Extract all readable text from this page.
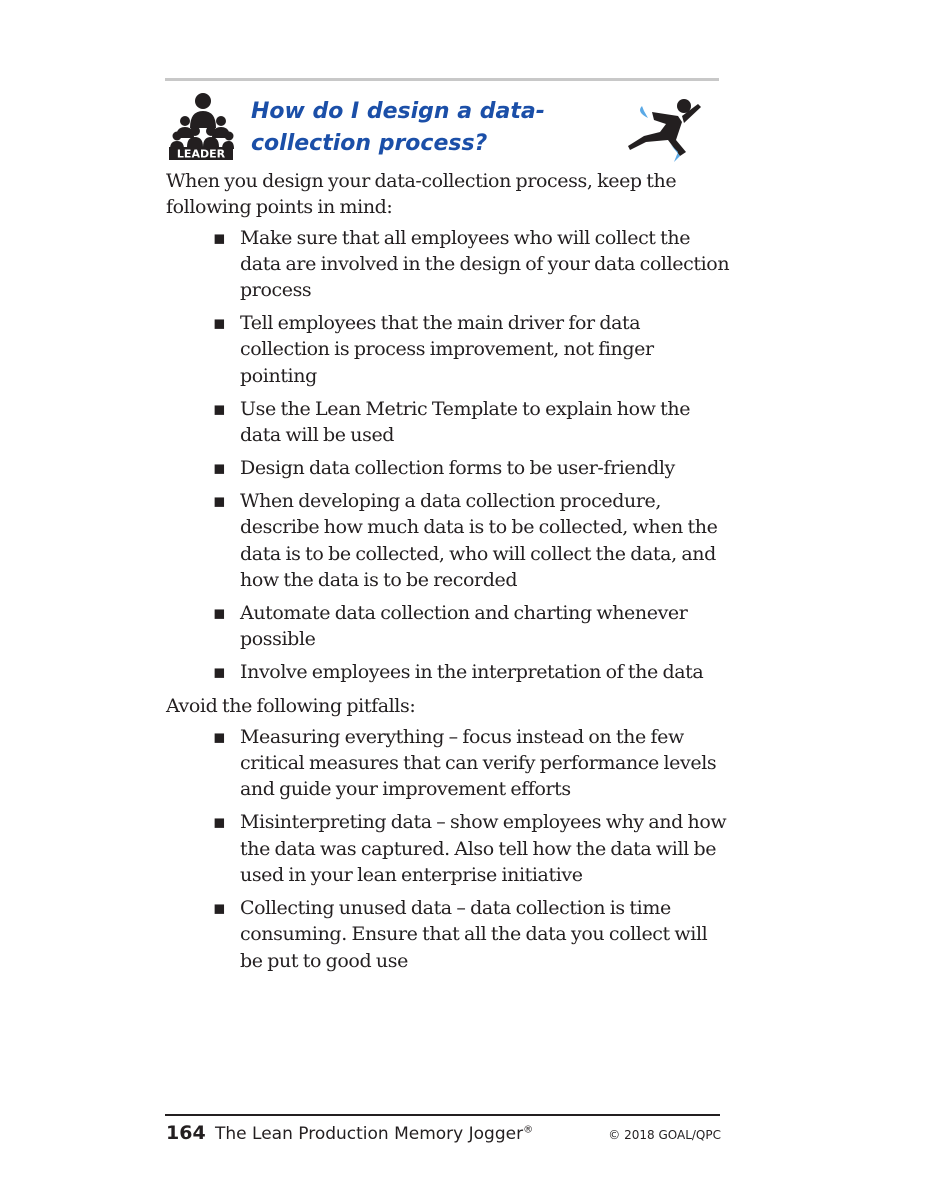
LEADER
How do I design a data-collection process?

When you design your data-collection process, keep the following points in mind:

▪ Make sure that all employees who will collect the data are involved in the design of your data collection process
▪ Tell employees that the main driver for data collection is process improvement, not finger pointing
▪ Use the Lean Metric Template to explain how the data will be used
▪ Design data collection forms to be user-friendly
▪ When developing a data collection procedure, describe how much data is to be collected, when the data is to be collected, who will collect the data, and how the data is to be recorded
▪ Automate data collection and charting whenever possible
▪ Involve employees in the interpretation of the data

Avoid the following pitfalls:

▪ Measuring everything – focus instead on the few critical measures that can verify performance levels and guide your improvement efforts
▪ Misinterpreting data – show employees why and how the data was captured. Also tell how the data will be used in your lean enterprise initiative
▪ Collecting unused data – data collection is time consuming. Ensure that all the data you collect will be put to good use
164 The Lean Production Memory Jogger®	© 2018 GOAL/QPC
